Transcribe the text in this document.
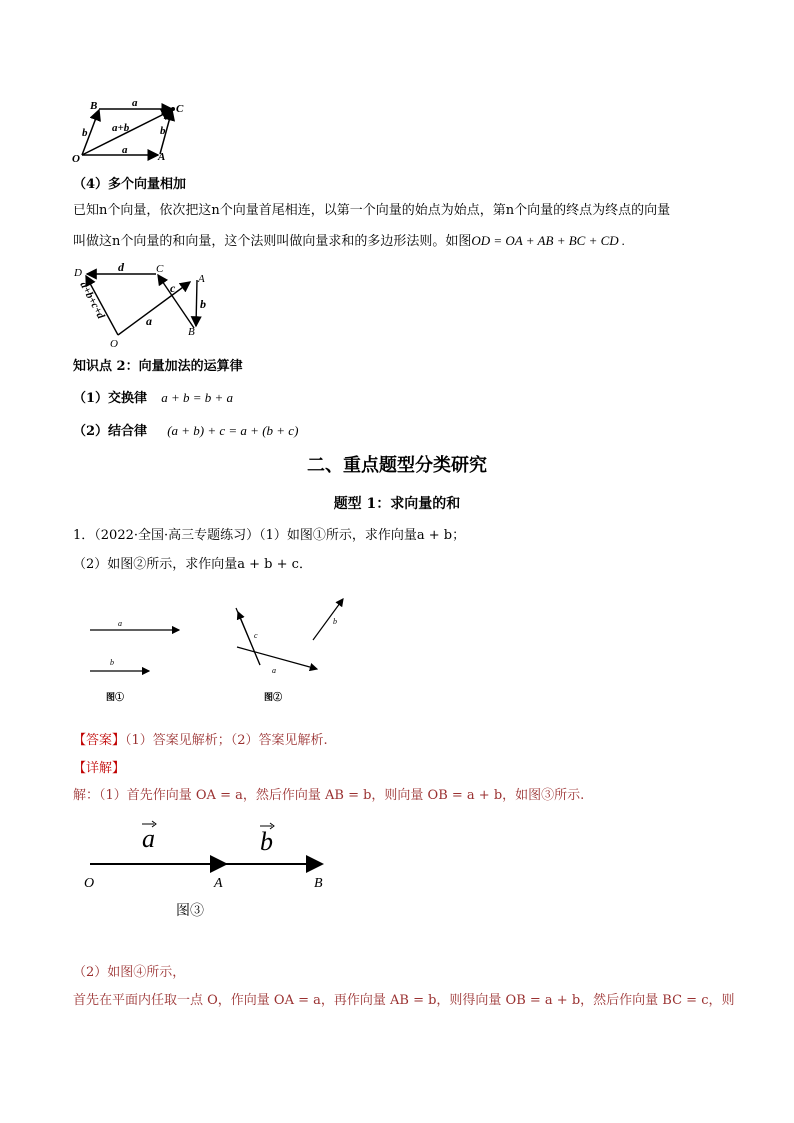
B	C
O	A
a
a
b	b
a+b
（4）多个向量相加
已知n个向量，依次把这n个向量首尾相连，以第一个向量的始点为始点，第n个向量的终点为终点的向量
叫做这n个向量的和向量，这个法则叫做向量求和的多边形法则。如图OD = OA + AB + BC + CD .
D	C
A
B
O
d
c
b
a
a+b+c+d
知识点 2：向量加法的运算律
（1）交换律 a + b = b + a
（2）结合律 (a + b) + c = a + (b + c)
二、重点题型分类研究
题型 1：求向量的和
1．（2022·全国·高三专题练习）（1）如图①所示，求作向量a + b；
（2）如图②所示，求作向量a + b + c．
a
b
图①
c
a
b
图②
【答案】（1）答案见解析；（2）答案见解析.
【详解】
解：（1）首先作向量 OA = a，然后作向量 AB = b，则向量 OB = a + b，如图③所示.
a	b
O	A	B
图③
（2）如图④所示，
首先在平面内任取一点 O，作向量 OA = a，再作向量 AB = b，则得向量 OB = a + b，然后作向量 BC = c，则
